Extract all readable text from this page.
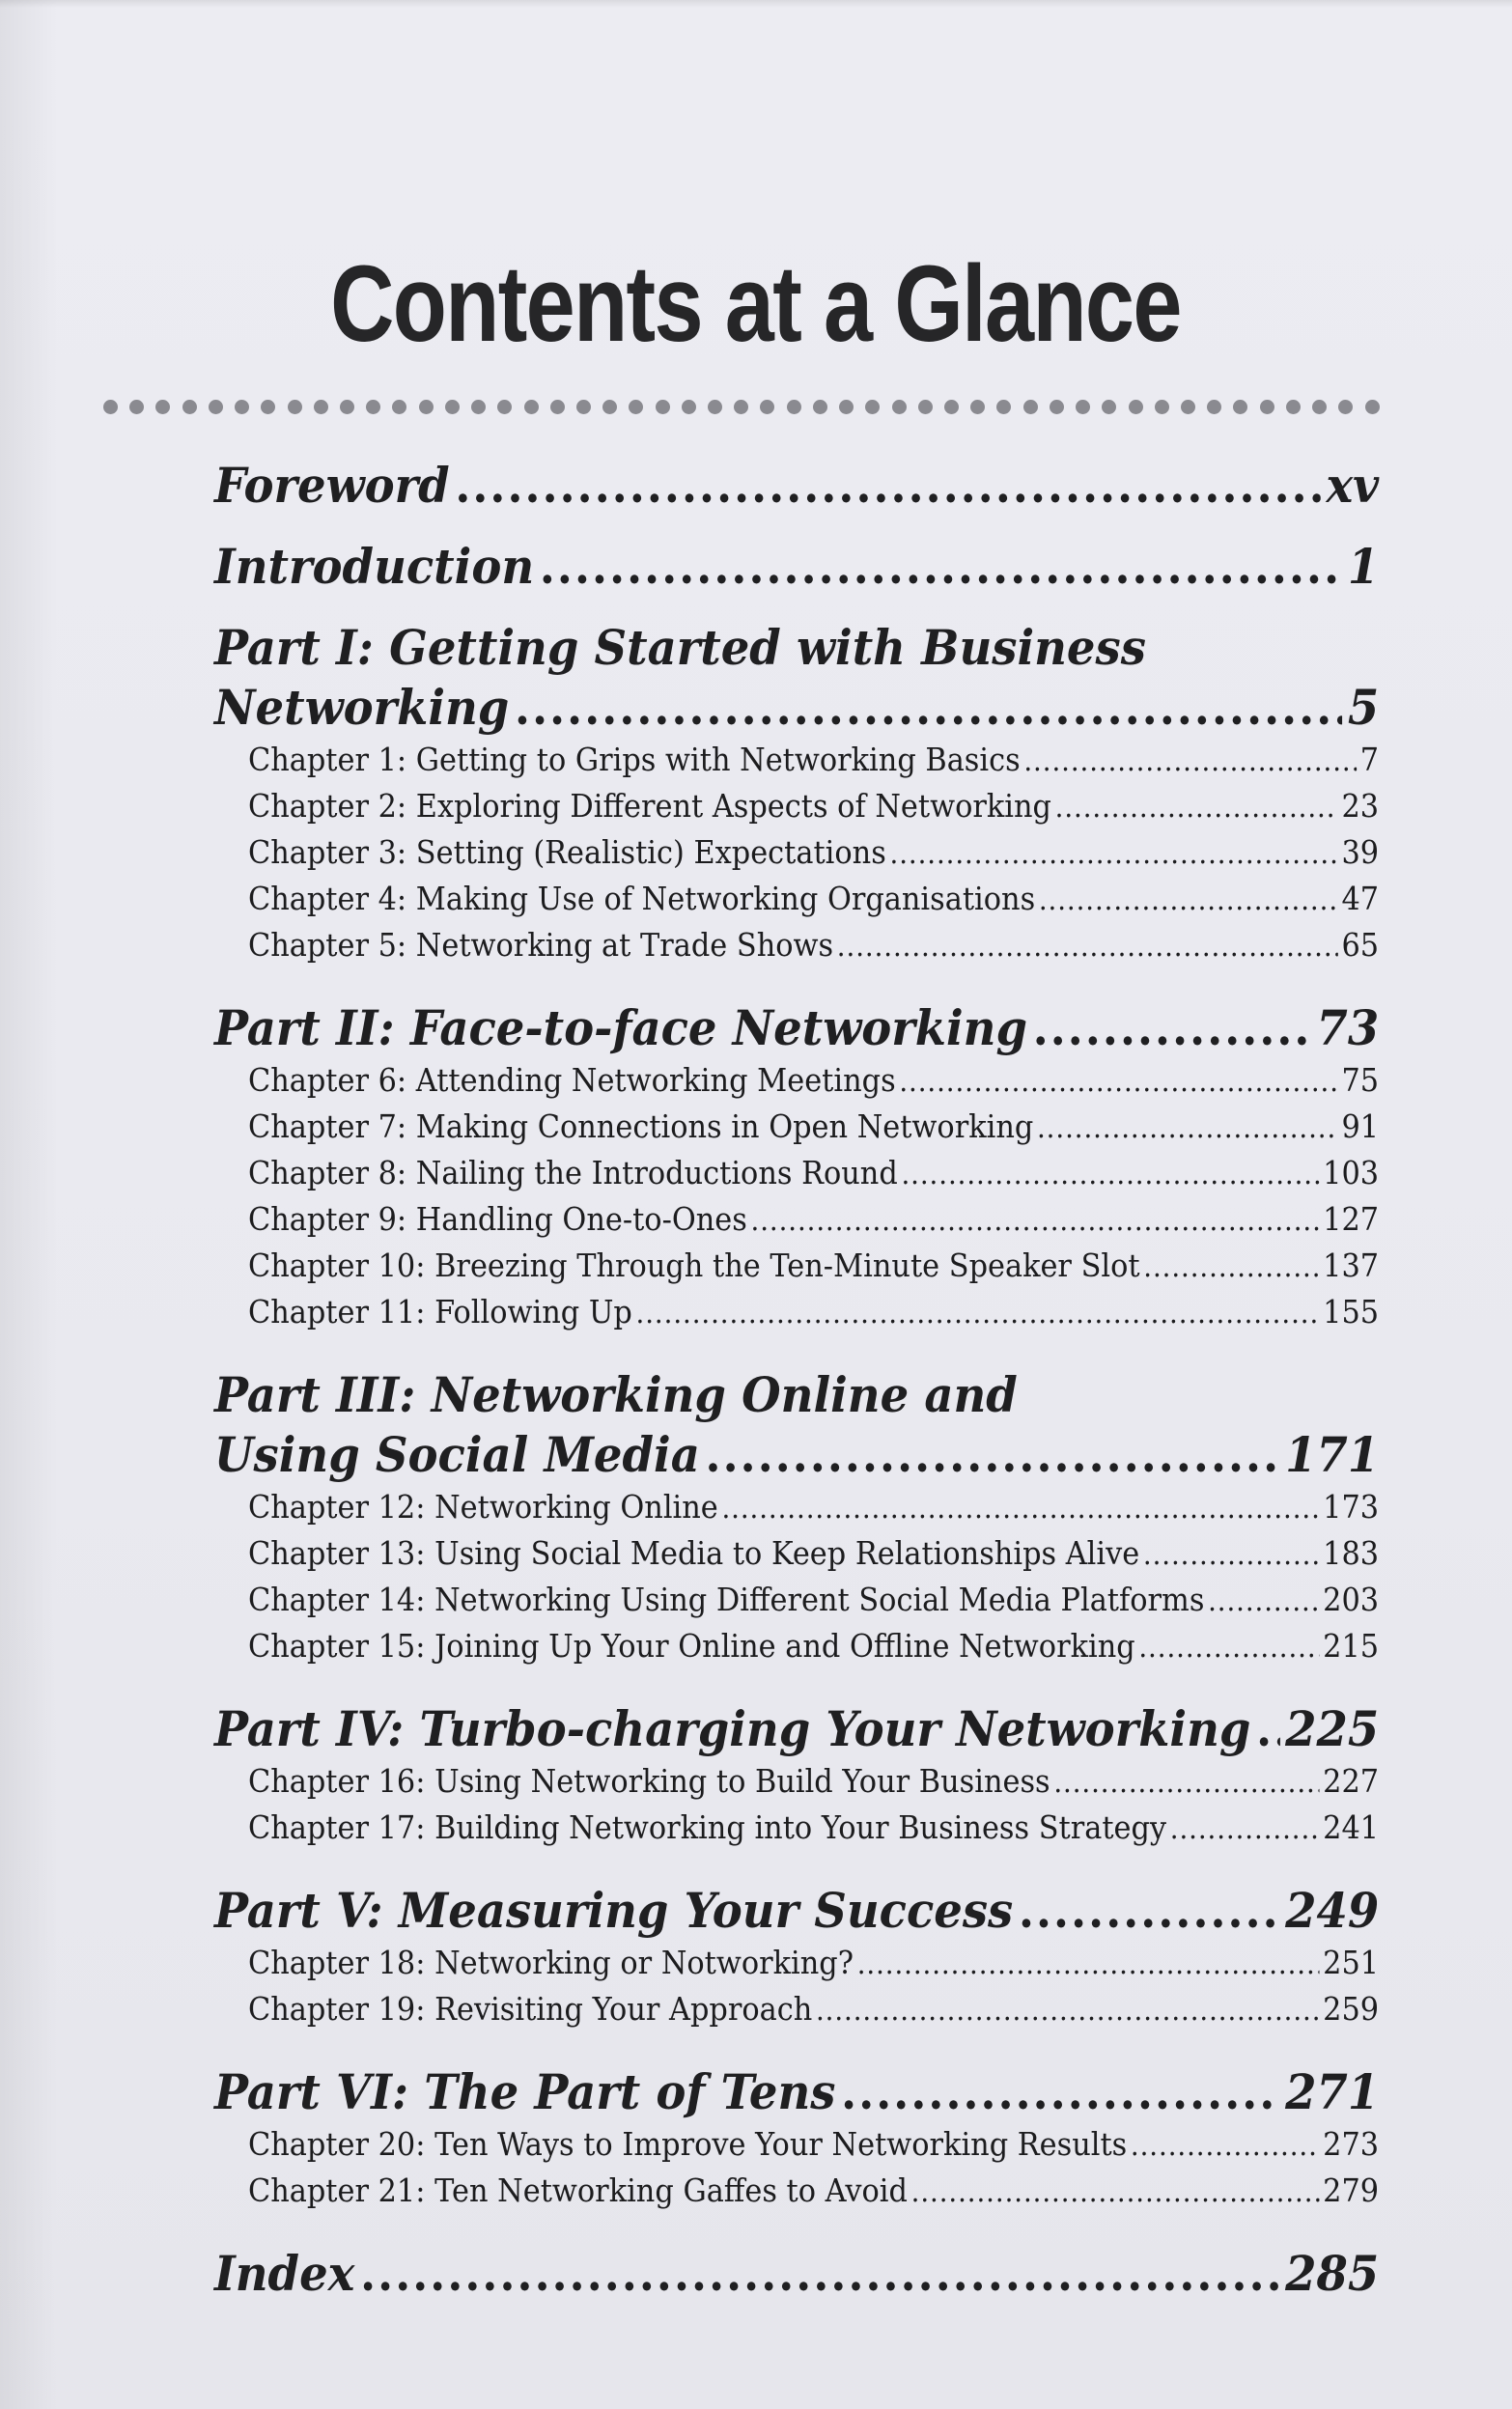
Contents at a Glance
Foreword .....	xv
Introduction .....	1
Part I: Getting Started with Business
Networking .....	5
Chapter 1: Getting to Grips with Networking Basics .....	7
Chapter 2: Exploring Different Aspects of Networking .....	23
Chapter 3: Setting (Realistic) Expectations .....	39
Chapter 4: Making Use of Networking Organisations .....	47
Chapter 5: Networking at Trade Shows .....	65
Part II: Face-to-face Networking .....	73
Chapter 6: Attending Networking Meetings .....	75
Chapter 7: Making Connections in Open Networking .....	91
Chapter 8: Nailing the Introductions Round .....	103
Chapter 9: Handling One-to-Ones .....	127
Chapter 10: Breezing Through the Ten-Minute Speaker Slot .....	137
Chapter 11: Following Up .....	155
Part III: Networking Online and
Using Social Media .....	171
Chapter 12: Networking Online .....	173
Chapter 13: Using Social Media to Keep Relationships Alive .....	183
Chapter 14: Networking Using Different Social Media Platforms .....	203
Chapter 15: Joining Up Your Online and Offline Networking .....	215
Part IV: Turbo-charging Your Networking ..... 225
Chapter 16: Using Networking to Build Your Business .....	227
Chapter 17: Building Networking into Your Business Strategy .....	241
Part V: Measuring Your Success .....	249
Chapter 18: Networking or Notworking? .....	251
Chapter 19: Revisiting Your Approach .....	259
Part VI: The Part of Tens .....	271
Chapter 20: Ten Ways to Improve Your Networking Results .....	273
Chapter 21: Ten Networking Gaffes to Avoid .....	279
Index .....	285
